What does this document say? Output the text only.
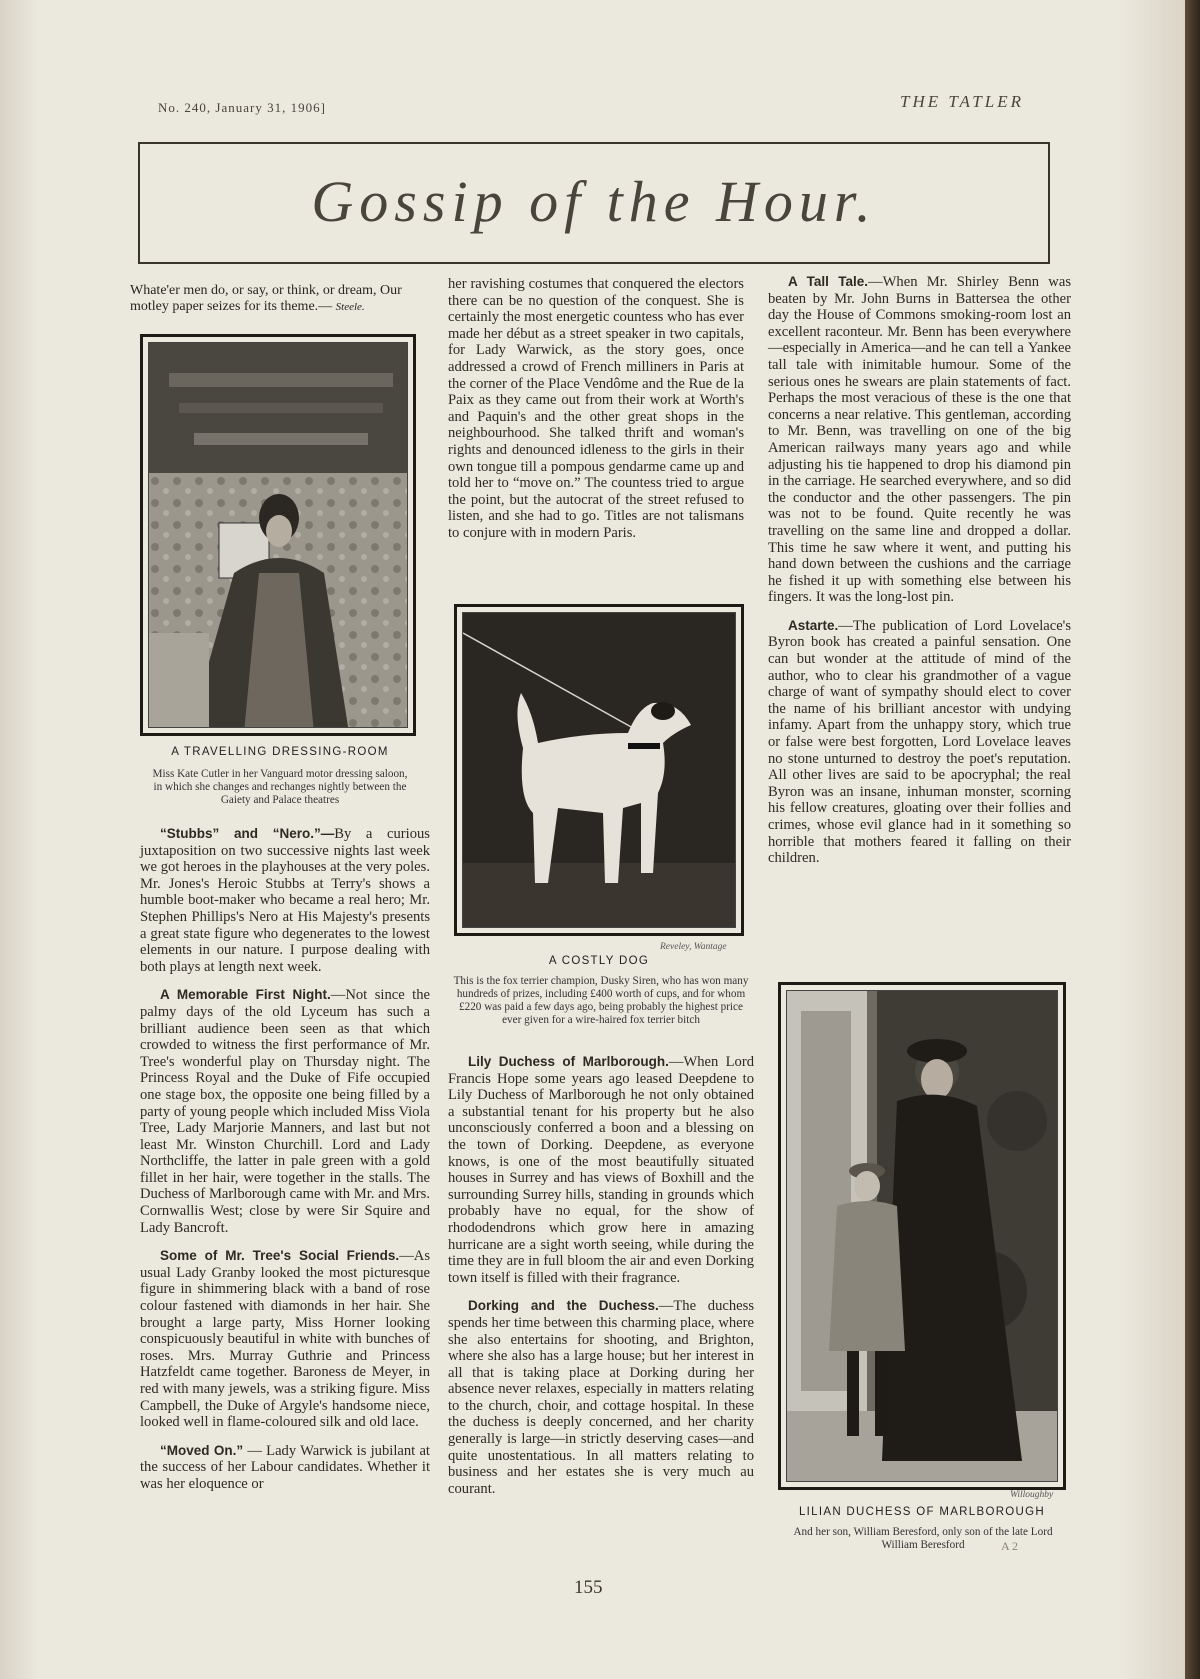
No. 240, January 31, 1906]	THE TATLER
Gossip of the Hour.
Whate'er men do, or say, or think, or dream, Our motley paper seizes for its theme.— Steele.
A TRAVELLING DRESSING-ROOM
Miss Kate Cutler in her Vanguard motor dressing saloon, in which she changes and rechanges nightly between the Gaiety and Palace theatres

“Stubbs” and “Nero.”—By a curious juxtaposition on two successive nights last week we got heroes in the playhouses at the very poles. Mr. Jones's Heroic Stubbs at Terry's shows a humble boot-maker who became a real hero; Mr. Stephen Phillips's Nero at His Majesty's presents a great state figure who degenerates to the lowest elements in our nature. I purpose dealing with both plays at length next week.

A Memorable First Night.—Not since the palmy days of the old Lyceum has such a brilliant audience been seen as that which crowded to witness the first performance of Mr. Tree's wonderful play on Thursday night. The Princess Royal and the Duke of Fife occupied one stage box, the opposite one being filled by a party of young people which included Miss Viola Tree, Lady Marjorie Manners, and last but not least Mr. Winston Churchill. Lord and Lady Northcliffe, the latter in pale green with a gold fillet in her hair, were together in the stalls. The Duchess of Marlborough came with Mr. and Mrs. Cornwallis West; close by were Sir Squire and Lady Bancroft.

Some of Mr. Tree's Social Friends.—As usual Lady Granby looked the most picturesque figure in shimmering black with a band of rose colour fastened with diamonds in her hair. She brought a large party, Miss Horner looking conspicuously beautiful in white with bunches of roses. Mrs. Murray Guthrie and Princess Hatzfeldt came together. Baroness de Meyer, in red with many jewels, was a striking figure. Miss Campbell, the Duke of Argyle's handsome niece, looked well in flame-coloured silk and old lace.

“Moved On.” — Lady Warwick is jubilant at the success of her Labour candidates. Whether it was her eloquence or

her ravishing costumes that conquered the electors there can be no question of the conquest. She is certainly the most energetic countess who has ever made her début as a street speaker in two capitals, for Lady Warwick, as the story goes, once addressed a crowd of French milliners in Paris at the corner of the Place Vendôme and the Rue de la Paix as they came out from their work at Worth's and Paquin's and the other great shops in the neighbourhood. She talked thrift and woman's rights and denounced idleness to the girls in their own tongue till a pompous gendarme came up and told her to “move on.” The countess tried to argue the point, but the autocrat of the street refused to listen, and she had to go. Titles are not talismans to conjure with in modern Paris.

Reveley, Wantage
A COSTLY DOG
This is the fox terrier champion, Dusky Siren, who has won many hundreds of prizes, including £400 worth of cups, and for whom £220 was paid a few days ago, being probably the highest price ever given for a wire-haired fox terrier bitch

Lily Duchess of Marlborough.—When Lord Francis Hope some years ago leased Deepdene to Lily Duchess of Marlborough he not only obtained a substantial tenant for his property but he also unconsciously conferred a boon and a blessing on the town of Dorking. Deepdene, as everyone knows, is one of the most beautifully situated houses in Surrey and has views of Boxhill and the surrounding Surrey hills, standing in grounds which probably have no equal, for the show of rhododendrons which grow here in amazing hurricane are a sight worth seeing, while during the time they are in full bloom the air and even Dorking town itself is filled with their fragrance.

Dorking and the Duchess.—The duchess spends her time between this charming place, where she also entertains for shooting, and Brighton, where she also has a large house; but her interest in all that is taking place at Dorking during her absence never relaxes, especially in matters relating to the church, choir, and cottage hospital. In these the duchess is deeply concerned, and her charity generally is large—in strictly deserving cases—and quite unostentatious. In all matters relating to business and her estates she is very much au courant.

A Tall Tale.—When Mr. Shirley Benn was beaten by Mr. John Burns in Battersea the other day the House of Commons smoking-room lost an excellent raconteur. Mr. Benn has been everywhere—especially in America—and he can tell a Yankee tall tale with inimitable humour. Some of the serious ones he swears are plain statements of fact. Perhaps the most veracious of these is the one that concerns a near relative. This gentleman, according to Mr. Benn, was travelling on one of the big American railways many years ago and while adjusting his tie happened to drop his diamond pin in the carriage. He searched everywhere, and so did the conductor and the other passengers. The pin was not to be found. Quite recently he was travelling on the same line and dropped a dollar. This time he saw where it went, and putting his hand down between the cushions and the carriage he fished it up with something else between his fingers. It was the long-lost pin.

Astarte.—The publication of Lord Lovelace's Byron book has created a painful sensation. One can but wonder at the attitude of mind of the author, who to clear his grandmother of a vague charge of want of sympathy should elect to cover the name of his brilliant ancestor with undying infamy. Apart from the unhappy story, which true or false were best forgotten, Lord Lovelace leaves no stone unturned to destroy the poet's reputation. All other lives are said to be apocryphal; the real Byron was an insane, inhuman monster, scorning his fellow creatures, gloating over their follies and crimes, whose evil glance had in it something so horrible that mothers feared it falling on their children.

Willoughby
LILIAN DUCHESS OF MARLBOROUGH
And her son, William Beresford, only son of the late Lord William Beresford
155
A 2
